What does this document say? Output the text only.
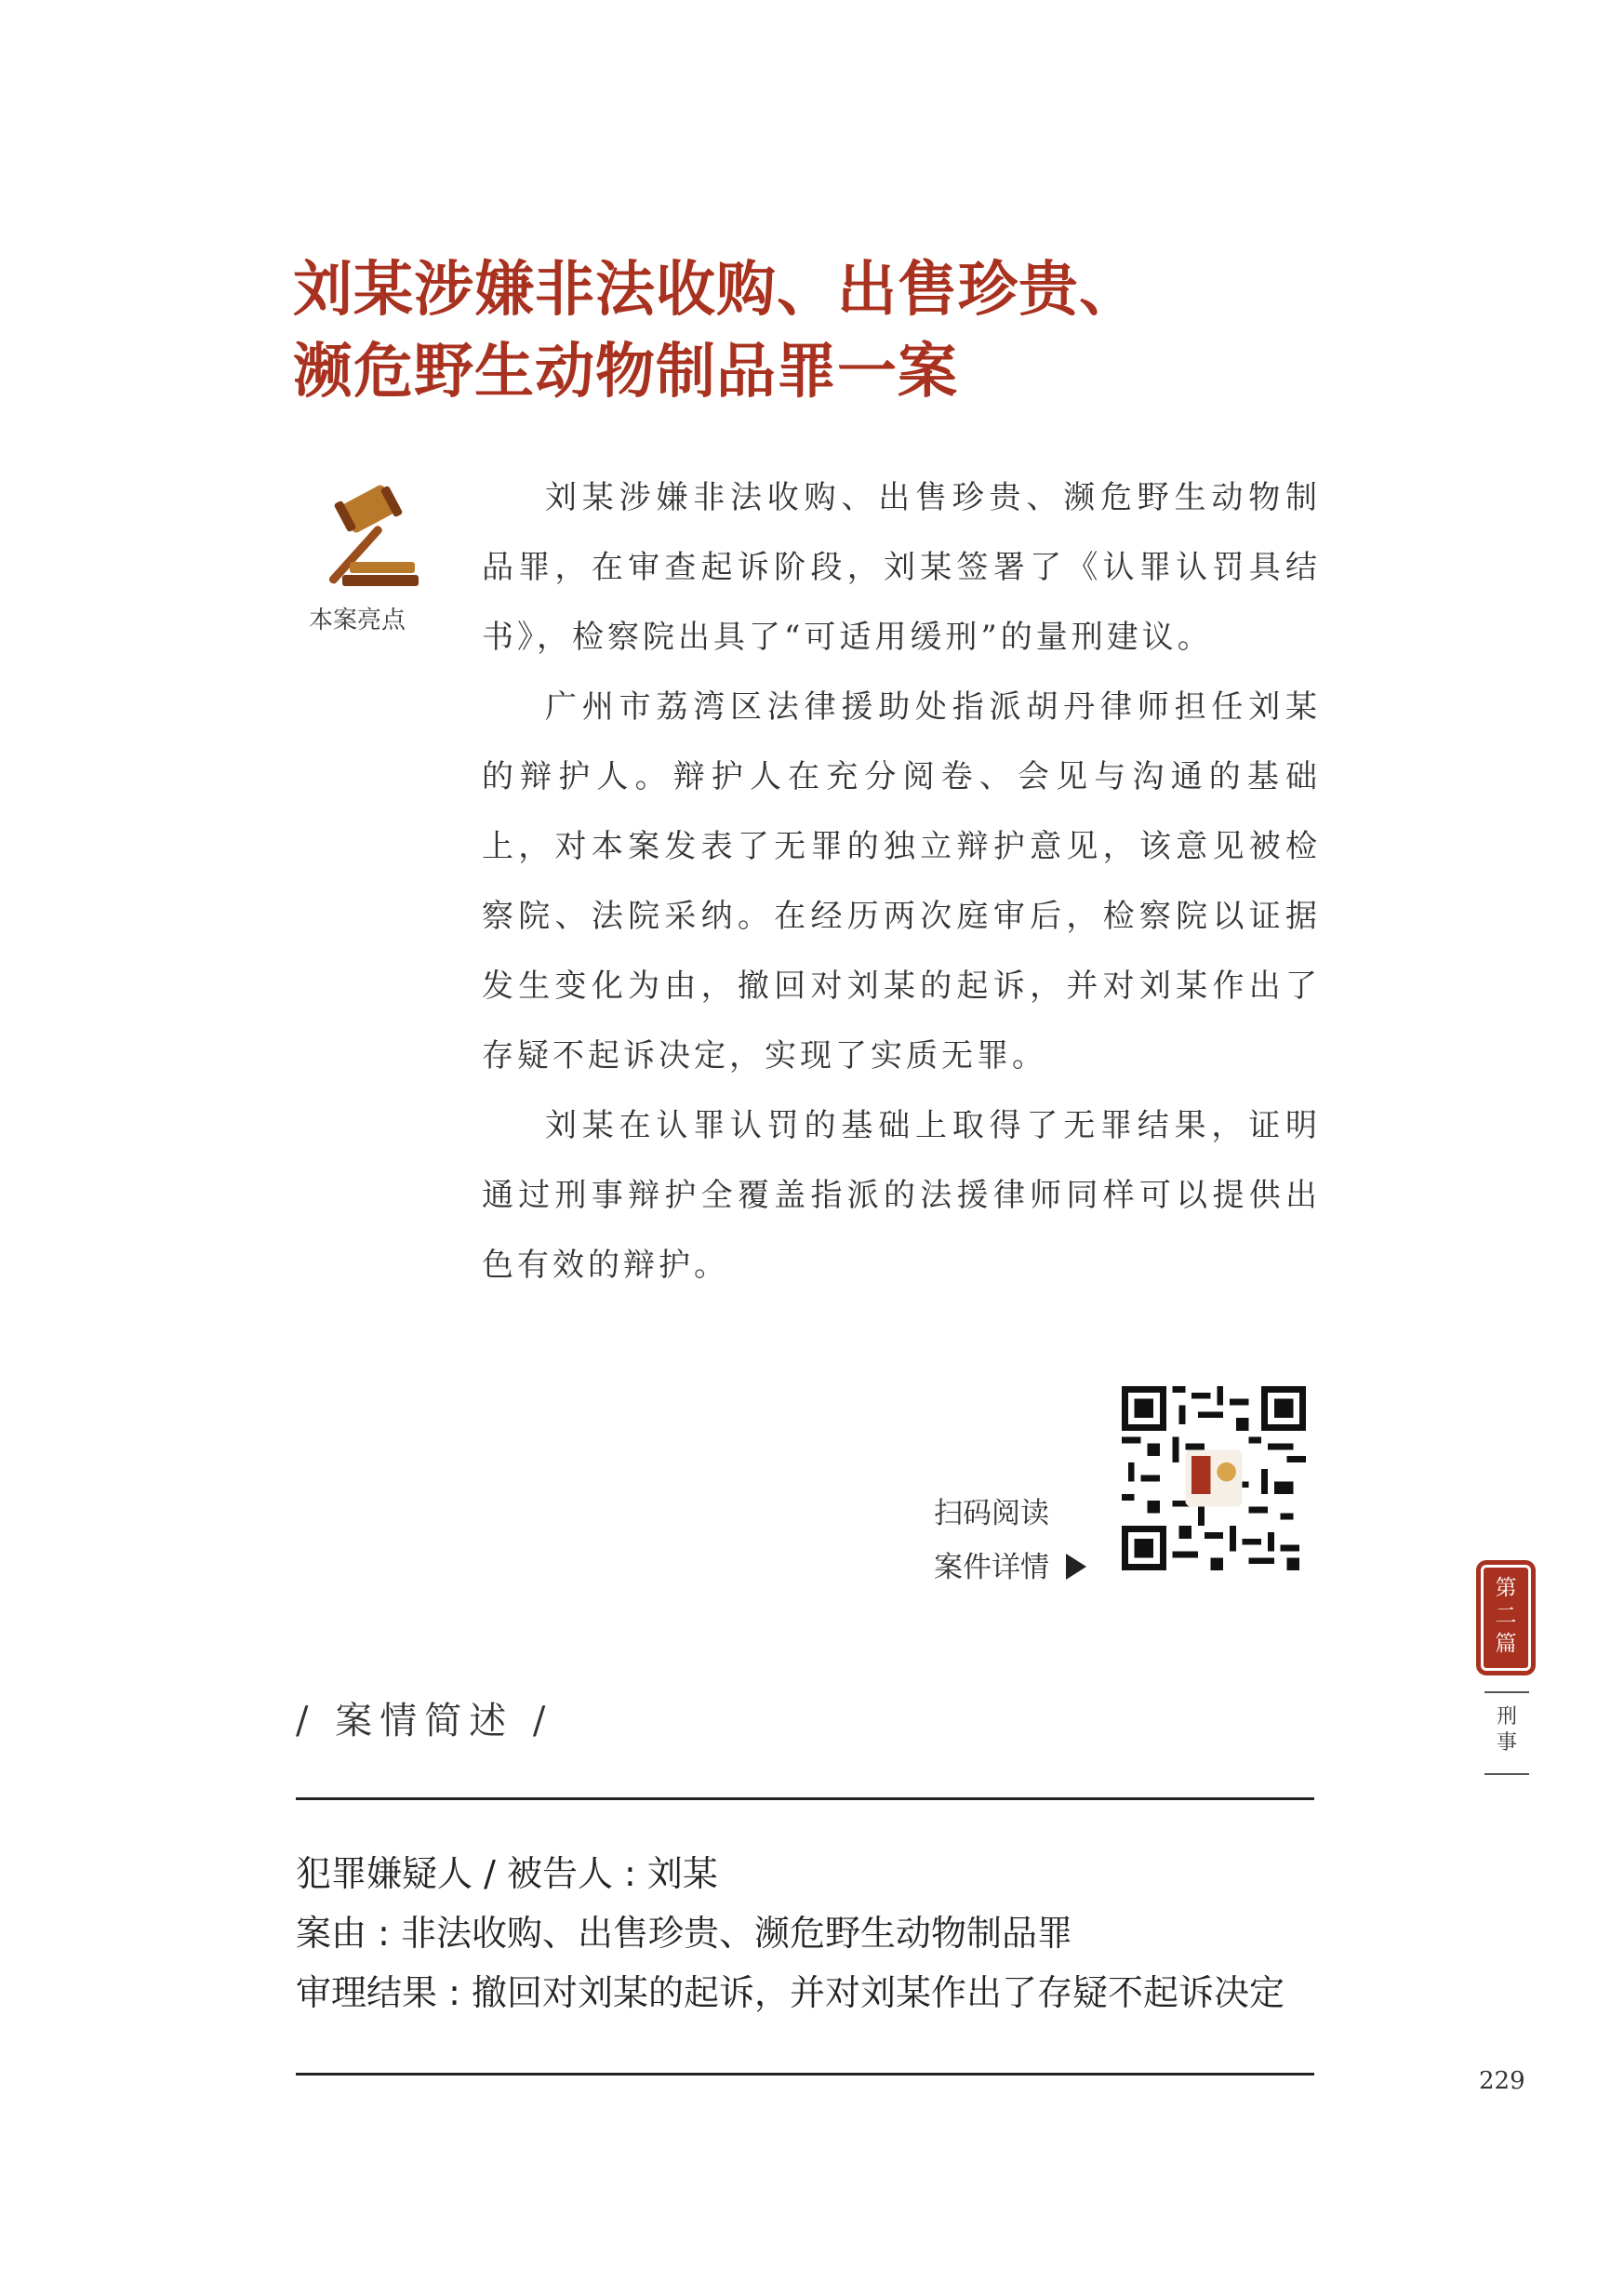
刘某涉嫌非法收购、出售珍贵、
濒危野生动物制品罪一案
本案亮点

刘某涉嫌非法收购、出售珍贵、濒危野生动物制品罪，在审查起诉阶段，刘某签署了《认罪认罚具结书》，检察院出具了“可适用缓刑”的量刑建议。

广州市荔湾区法律援助处指派胡丹律师担任刘某的辩护人。辩护人在充分阅卷、会见与沟通的基础上，对本案发表了无罪的独立辩护意见，该意见被检察院、法院采纳。在经历两次庭审后，检察院以证据发生变化为由，撤回对刘某的起诉，并对刘某作出了存疑不起诉决定，实现了实质无罪。

刘某在认罪认罚的基础上取得了无罪结果，证明通过刑事辩护全覆盖指派的法援律师同样可以提供出色有效的辩护。

扫码阅读
案件详情
/ 案情简述 /
犯罪嫌疑人 / 被告人 : 刘某
案由 : 非法收购、出售珍贵、濒危野生动物制品罪
审理结果 : 撤回对刘某的起诉，并对刘某作出了存疑不起诉决定
第
二
篇
刑
事
229
